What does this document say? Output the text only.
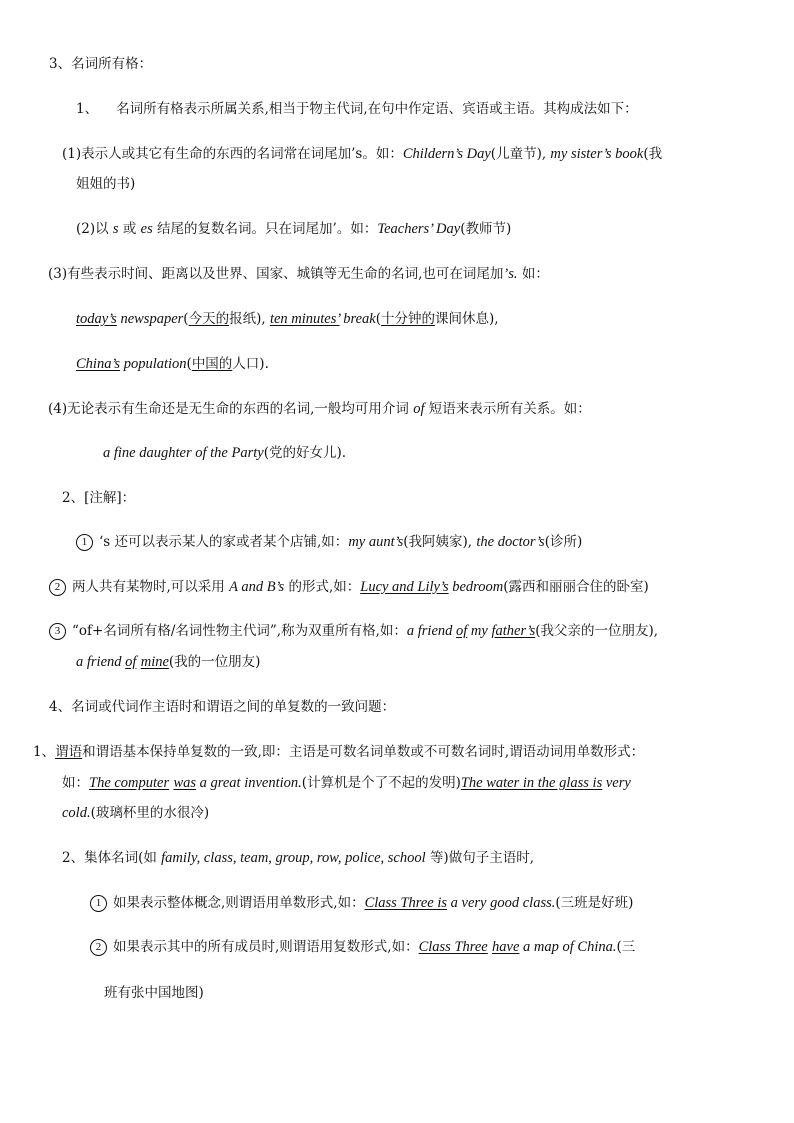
3、名词所有格：
1、 名词所有格表示所属关系,相当于物主代词,在句中作定语、宾语或主语。其构成法如下：
(1)表示人或其它有生命的东西的名词常在词尾加’s。如：Childern’s Day(儿童节), my sister’s book(我
姐姐的书)
(2)以 s 或 es 结尾的复数名词。只在词尾加’。如：Teachers’ Day(教师节)
(3)有些表示时间、距离以及世界、国家、城镇等无生命的名词,也可在词尾加’s. 如：
today’s newspaper(今天的报纸), ten minutes’ break(十分钟的课间休息),
China’s population(中国的人口).
(4)无论表示有生命还是无生命的东西的名词,一般均可用介词 of 短语来表示所有关系。如：
a fine daughter of the Party(党的好女儿).
2、[注解]：
1 ‘s 还可以表示某人的家或者某个店铺,如：my aunt’s(我阿姨家), the doctor’s(诊所)
2 两人共有某物时,可以采用 A and B’s 的形式,如：Lucy and Lily’s bedroom(露西和丽丽合住的卧室)
3 “of+名词所有格/名词性物主代词”,称为双重所有格,如：a friend of my father’s(我父亲的一位朋友),
a friend of mine(我的一位朋友)
4、名词或代词作主语时和谓语之间的单复数的一致问题：
1、谓语和谓语基本保持单复数的一致,即：主语是可数名词单数或不可数名词时,谓语动词用单数形式：
如：The computer was a great invention.(计算机是个了不起的发明)The water in the glass is very
cold.(玻璃杯里的水很冷)
2、集体名词(如 family, class, team, group, row, police, school 等)做句子主语时,
1 如果表示整体概念,则谓语用单数形式,如：Class Three is a very good class.(三班是好班)
2 如果表示其中的所有成员时,则谓语用复数形式,如：Class Three have a map of China.(三
班有张中国地图)
